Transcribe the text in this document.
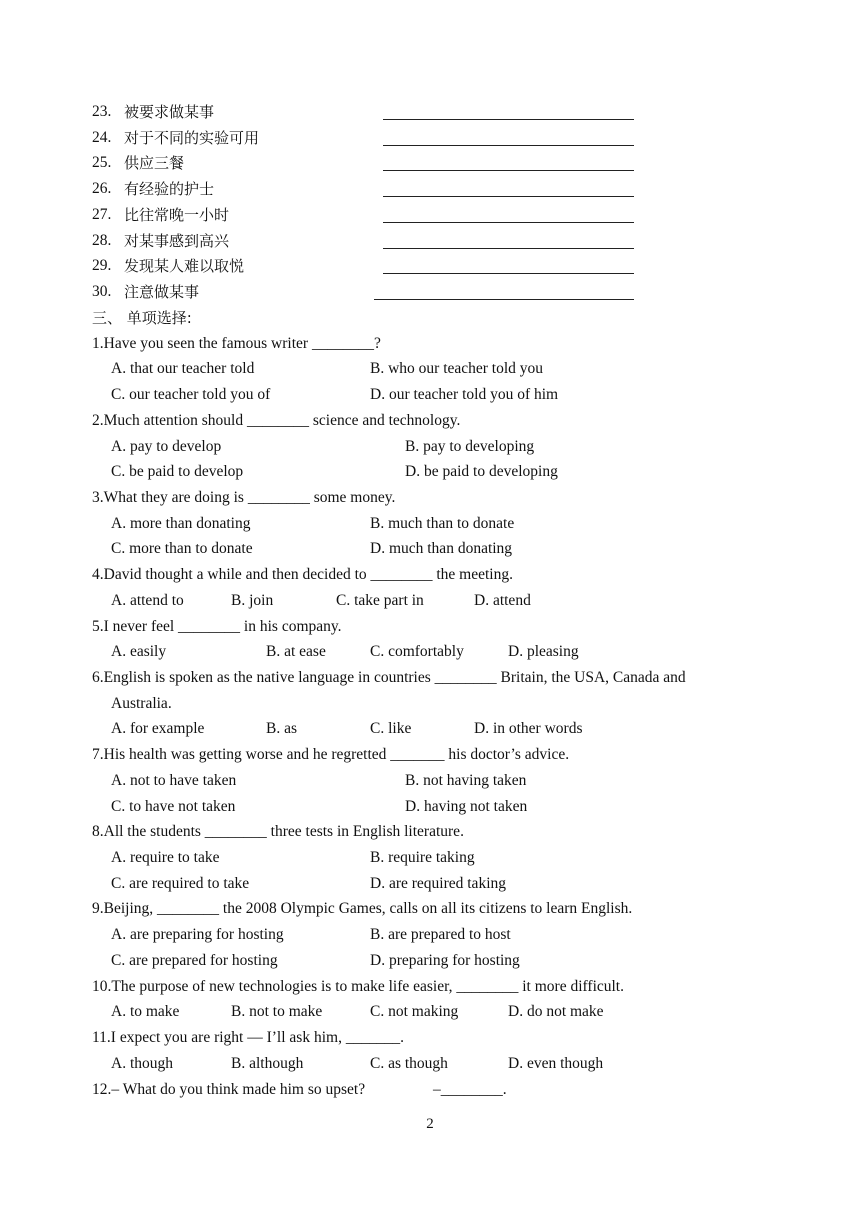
23. 被要求做某事
24. 对于不同的实验可用
25. 供应三餐
26. 有经验的护士
27. 比往常晚一小时
28. 对某事感到高兴
29. 发现某人难以取悦
30. 注意做某事
三、 单项选择:
1.Have you seen the famous writer ________?
A. that our teacher told	B. who our teacher told you
C. our teacher told you of	D. our teacher told you of him
2.Much attention should ________ science and technology.
A. pay to develop	B. pay to developing
C. be paid to develop	D. be paid to developing
3.What they are doing is ________ some money.
A. more than donating	B. much than to donate
C. more than to donate	D. much than donating
4.David thought a while and then decided to ________ the meeting.
A. attend to	B. join	C. take part in	D. attend
5.I never feel ________ in his company.
A. easily	B. at ease	C. comfortably	D. pleasing
6.English is spoken as the native language in countries ________ Britain, the USA, Canada and
Australia.
A. for example	B. as	C. like	D. in other words
7.His health was getting worse and he regretted _______ his doctor’s advice.
A. not to have taken	B. not having taken
C. to have not taken	D. having not taken
8.All the students ________ three tests in English literature.
A. require to take	B. require taking
C. are required to take	D. are required taking
9.Beijing, ________ the 2008 Olympic Games, calls on all its citizens to learn English.
A. are preparing for hosting	B. are prepared to host
C. are prepared for hosting	D. preparing for hosting
10.The purpose of new technologies is to make life easier, ________ it more difficult.
A. to make	B. not to make	C. not making	D. do not make
11.I expect you are right — I’ll ask him, _______.
A. though	B. although	C. as though	D. even though
12.– What do you think made him so upset?	–________.
2
